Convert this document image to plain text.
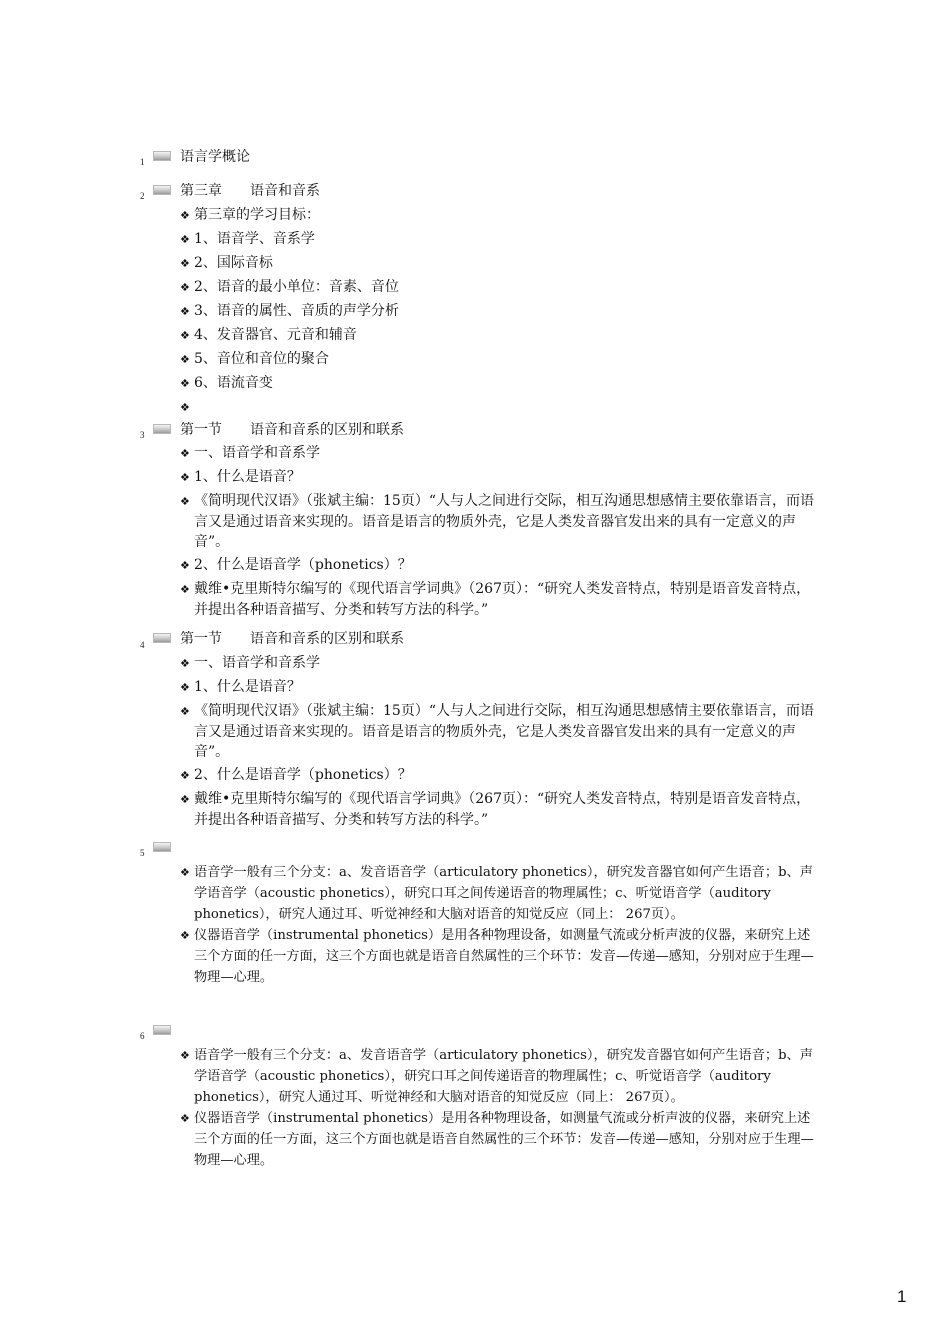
1	语言学概论
2	第三章　　语音和音系
❖ 第三章的学习目标：
❖ 1、语音学、音系学
❖ 2、国际音标
❖ 2、语音的最小单位：音素、音位
❖ 3、语音的属性、音质的声学分析
❖ 4、发音器官、元音和辅音
❖ 5、音位和音位的聚合
❖ 6、语流音变
❖
3	第一节　　语音和音系的区别和联系
❖ 一、语音学和音系学
❖ 1、什么是语音？
❖ 《简明现代汉语》（张斌主编：15页）“人与人之间进行交际，相互沟通思想感情主要依靠语言，而语言又是通过语音来实现的。语音是语言的物质外壳，它是人类发音器官发出来的具有一定意义的声音”。
❖ 2、什么是语音学（phonetics）？
❖ 戴维•克里斯特尔编写的《现代语言学词典》（267页）：“研究人类发音特点，特别是语音发音特点，并提出各种语音描写、分类和转写方法的科学。”
4	第一节　　语音和音系的区别和联系
❖ 一、语音学和音系学
❖ 1、什么是语音？
❖ 《简明现代汉语》（张斌主编：15页）“人与人之间进行交际，相互沟通思想感情主要依靠语言，而语言又是通过语音来实现的。语音是语言的物质外壳，它是人类发音器官发出来的具有一定意义的声音”。
❖ 2、什么是语音学（phonetics）？
❖ 戴维•克里斯特尔编写的《现代语言学词典》（267页）：“研究人类发音特点，特别是语音发音特点，并提出各种语音描写、分类和转写方法的科学。”
5
❖ 语音学一般有三个分支：a、发音语音学（articulatory phonetics），研究发音器官如何产生语音；b、声学语音学（acoustic phonetics），研究口耳之间传递语音的物理属性；c、听觉语音学（auditory phonetics），研究人通过耳、听觉神经和大脑对语音的知觉反应（同上： 267页）。
❖ 仪器语音学（instrumental phonetics）是用各种物理设备，如测量气流或分析声波的仪器，来研究上述三个方面的任一方面，这三个方面也就是语音自然属性的三个环节：发音—传递—感知，分别对应于生理—物理—心理。
6
❖ 语音学一般有三个分支：a、发音语音学（articulatory phonetics），研究发音器官如何产生语音；b、声学语音学（acoustic phonetics），研究口耳之间传递语音的物理属性；c、听觉语音学（auditory phonetics），研究人通过耳、听觉神经和大脑对语音的知觉反应（同上： 267页）。
❖ 仪器语音学（instrumental phonetics）是用各种物理设备，如测量气流或分析声波的仪器，来研究上述三个方面的任一方面，这三个方面也就是语音自然属性的三个环节：发音—传递—感知，分别对应于生理—物理—心理。
1
